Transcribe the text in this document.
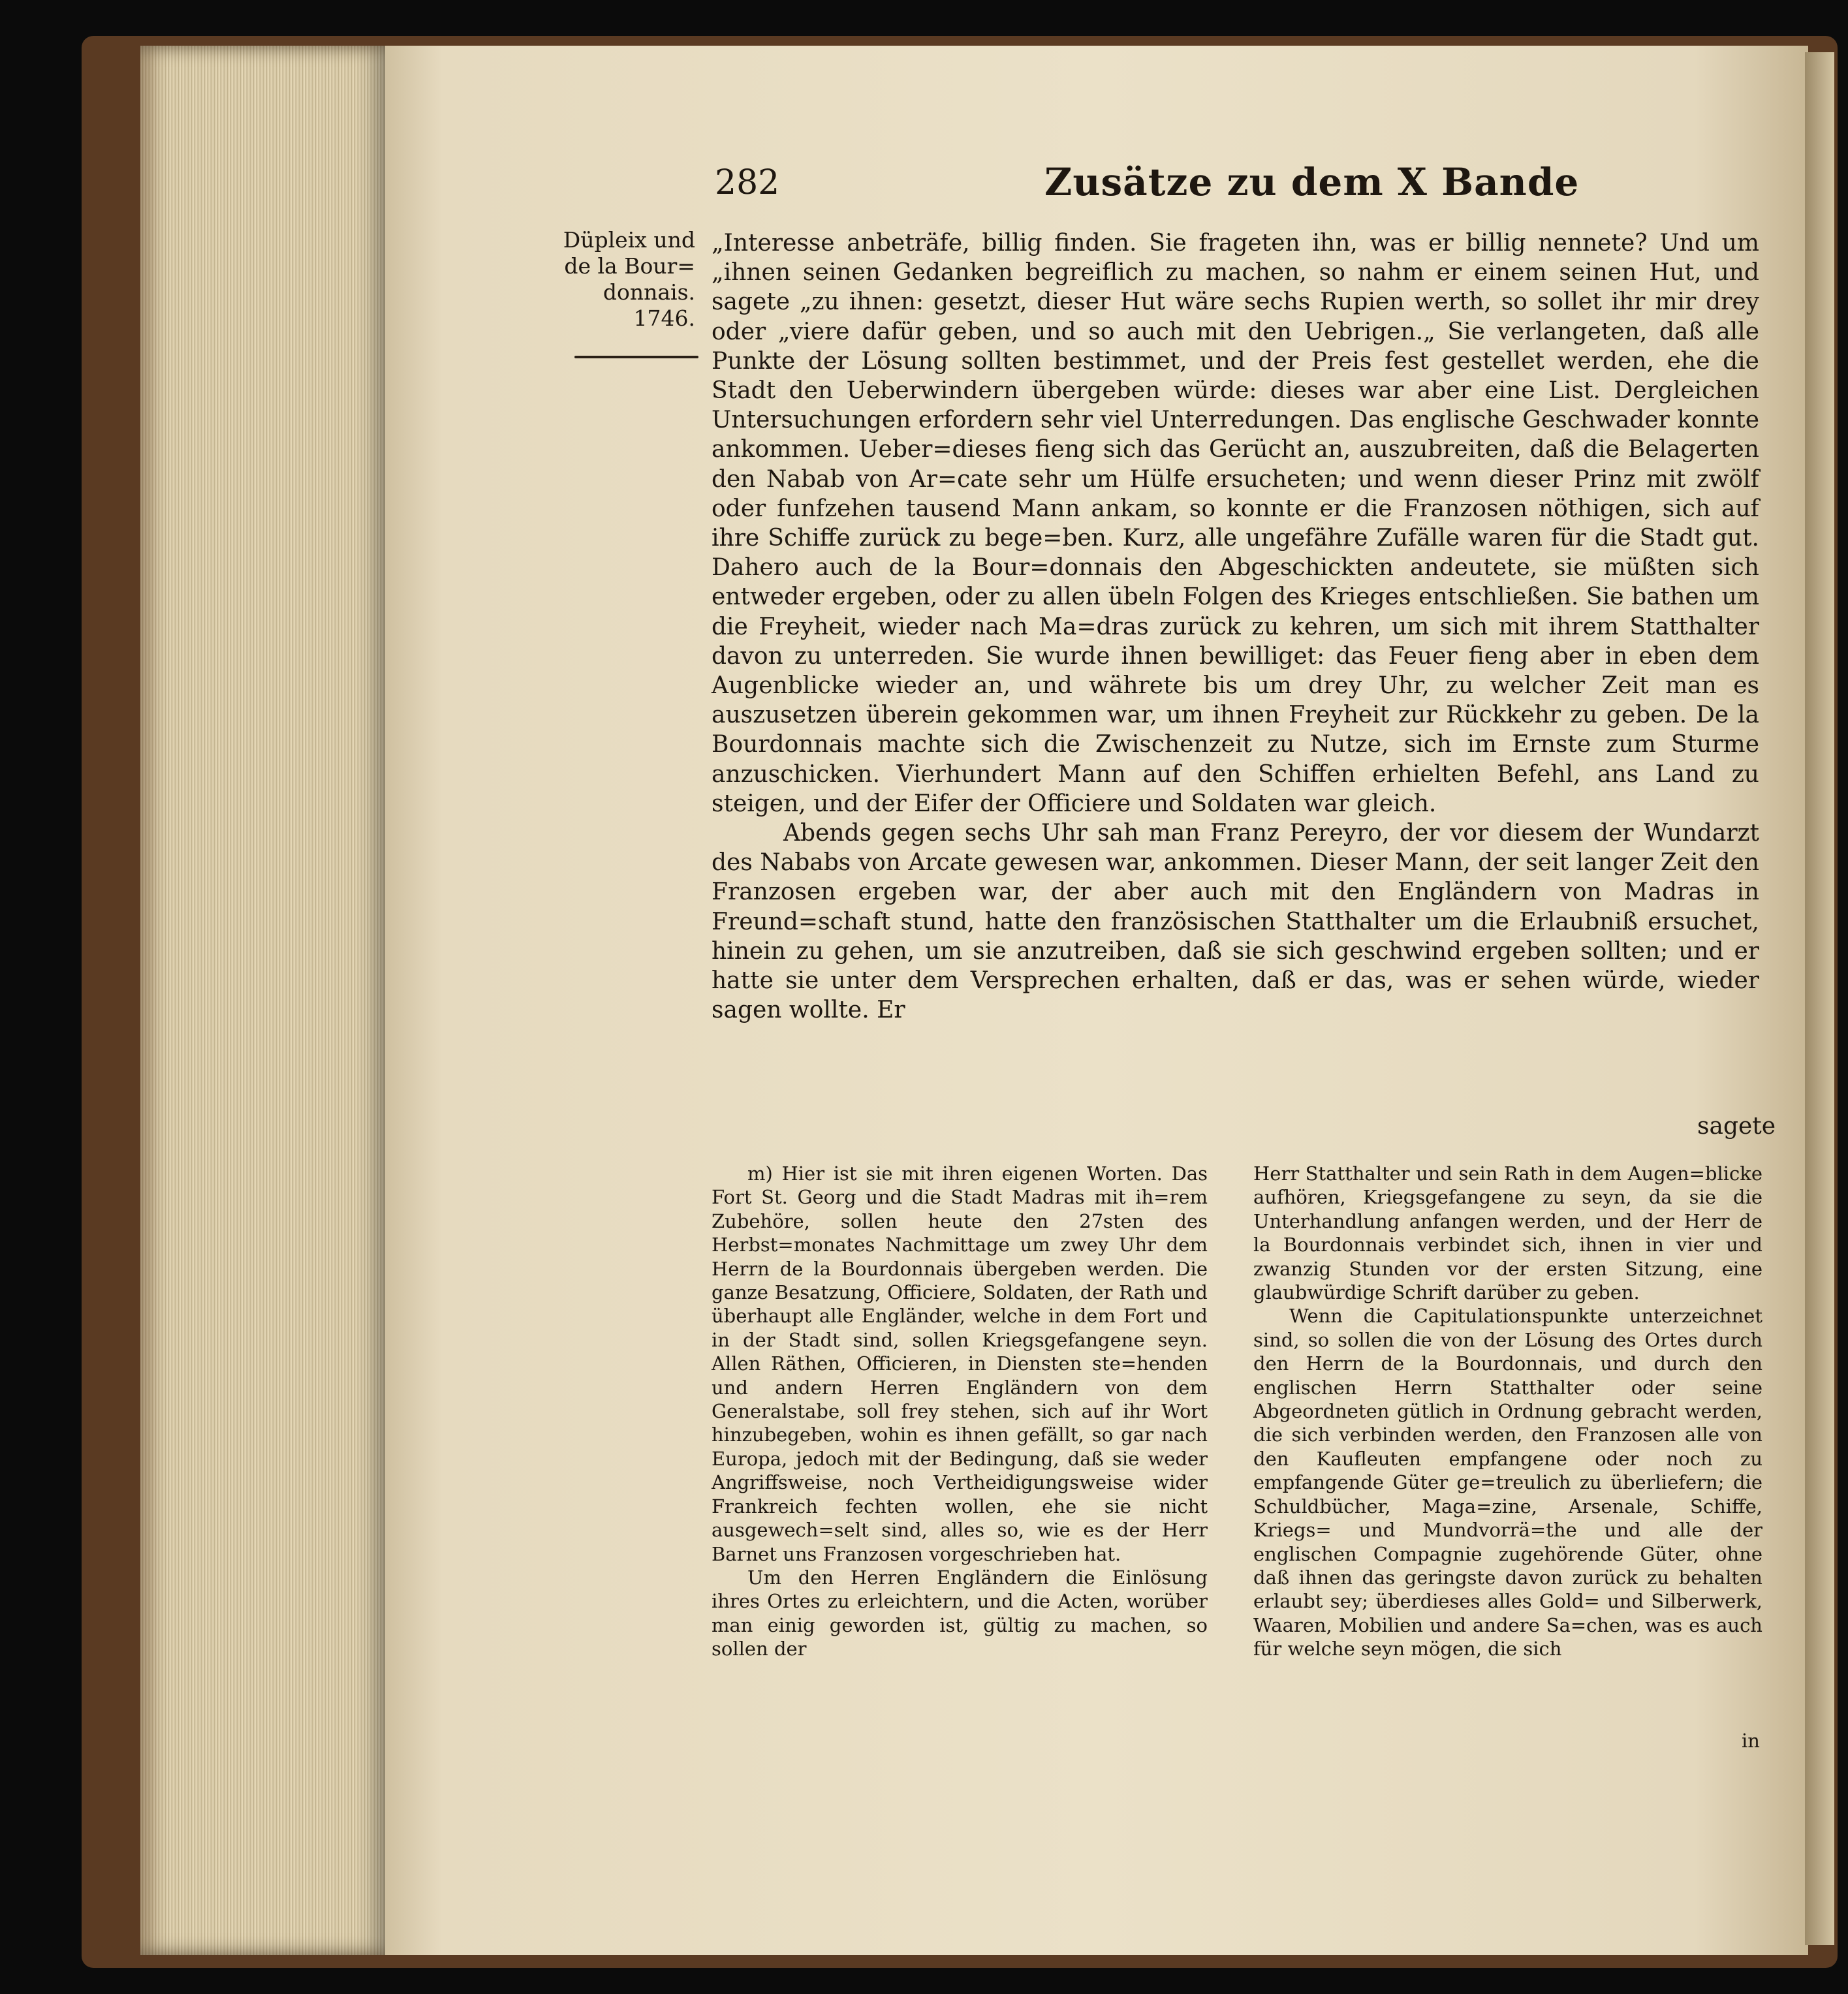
282	Zusätze zu dem X Bande
Düpleix und
de la Bour=
donnais.
1746.

„Interesse anbeträfe, billig finden. Sie frageten ihn, was er billig nennete? Und um „ihnen seinen Gedanken begreiflich zu machen, so nahm er einem seinen Hut, und sagete „zu ihnen: gesetzt, dieser Hut wäre sechs Rupien werth, so sollet ihr mir drey oder „viere dafür geben, und so auch mit den Uebrigen.„ Sie verlangeten, daß alle Punkte der Lösung sollten bestimmet, und der Preis fest gestellet werden, ehe die Stadt den Ueberwindern übergeben würde: dieses war aber eine List. Dergleichen Untersuchungen erfordern sehr viel Unterredungen. Das englische Geschwader konnte ankommen. Ueber=dieses fieng sich das Gerücht an, auszubreiten, daß die Belagerten den Nabab von Ar=cate sehr um Hülfe ersucheten; und wenn dieser Prinz mit zwölf oder funfzehen tausend Mann ankam, so konnte er die Franzosen nöthigen, sich auf ihre Schiffe zurück zu bege=ben. Kurz, alle ungefähre Zufälle waren für die Stadt gut. Dahero auch de la Bour=donnais den Abgeschickten andeutete, sie müßten sich entweder ergeben, oder zu allen übeln Folgen des Krieges entschließen. Sie bathen um die Freyheit, wieder nach Ma=dras zurück zu kehren, um sich mit ihrem Statthalter davon zu unterreden. Sie wurde ihnen bewilliget: das Feuer fieng aber in eben dem Augenblicke wieder an, und währete bis um drey Uhr, zu welcher Zeit man es auszusetzen überein gekommen war, um ihnen Freyheit zur Rückkehr zu geben. De la Bourdonnais machte sich die Zwischenzeit zu Nutze, sich im Ernste zum Sturme anzuschicken. Vierhundert Mann auf den Schiffen erhielten Befehl, ans Land zu steigen, und der Eifer der Officiere und Soldaten war gleich.

Abends gegen sechs Uhr sah man Franz Pereyro, der vor diesem der Wundarzt des Nababs von Arcate gewesen war, ankommen. Dieser Mann, der seit langer Zeit den Franzosen ergeben war, der aber auch mit den Engländern von Madras in Freund=schaft stund, hatte den französischen Statthalter um die Erlaubniß ersuchet, hinein zu gehen, um sie anzutreiben, daß sie sich geschwind ergeben sollten; und er hatte sie unter dem Versprechen erhalten, daß er das, was er sehen würde, wieder sagen wollte. Er

sagete

m) Hier ist sie mit ihren eigenen Worten. Das Fort St. Georg und die Stadt Madras mit ih=rem Zubehöre, sollen heute den 27sten des Herbst=monates Nachmittage um zwey Uhr dem Herrn de la Bourdonnais übergeben werden. Die ganze Besatzung, Officiere, Soldaten, der Rath und überhaupt alle Engländer, welche in dem Fort und in der Stadt sind, sollen Kriegsgefangene seyn. Allen Räthen, Officieren, in Diensten ste=henden und andern Herren Engländern von dem Generalstabe, soll frey stehen, sich auf ihr Wort hinzubegeben, wohin es ihnen gefällt, so gar nach Europa, jedoch mit der Bedingung, daß sie weder Angriffsweise, noch Vertheidigungsweise wider Frankreich fechten wollen, ehe sie nicht ausgewech=selt sind, alles so, wie es der Herr Barnet uns Franzosen vorgeschrieben hat.

Um den Herren Engländern die Einlösung ihres Ortes zu erleichtern, und die Acten, worüber man einig geworden ist, gültig zu machen, so sollen der

Herr Statthalter und sein Rath in dem Augen=blicke aufhören, Kriegsgefangene zu seyn, da sie die Unterhandlung anfangen werden, und der Herr de la Bourdonnais verbindet sich, ihnen in vier und zwanzig Stunden vor der ersten Sitzung, eine glaubwürdige Schrift darüber zu geben.

Wenn die Capitulationspunkte unterzeichnet sind, so sollen die von der Lösung des Ortes durch den Herrn de la Bourdonnais, und durch den englischen Herrn Statthalter oder seine Abgeordneten gütlich in Ordnung gebracht werden, die sich verbinden werden, den Franzosen alle von den Kaufleuten empfangene oder noch zu empfangende Güter ge=treulich zu überliefern; die Schuldbücher, Maga=zine, Arsenale, Schiffe, Kriegs= und Mundvorrä=the und alle der englischen Compagnie zugehörende Güter, ohne daß ihnen das geringste davon zurück zu behalten erlaubt sey; überdieses alles Gold= und Silberwerk, Waaren, Mobilien und andere Sa=chen, was es auch für welche seyn mögen, die sich

in
